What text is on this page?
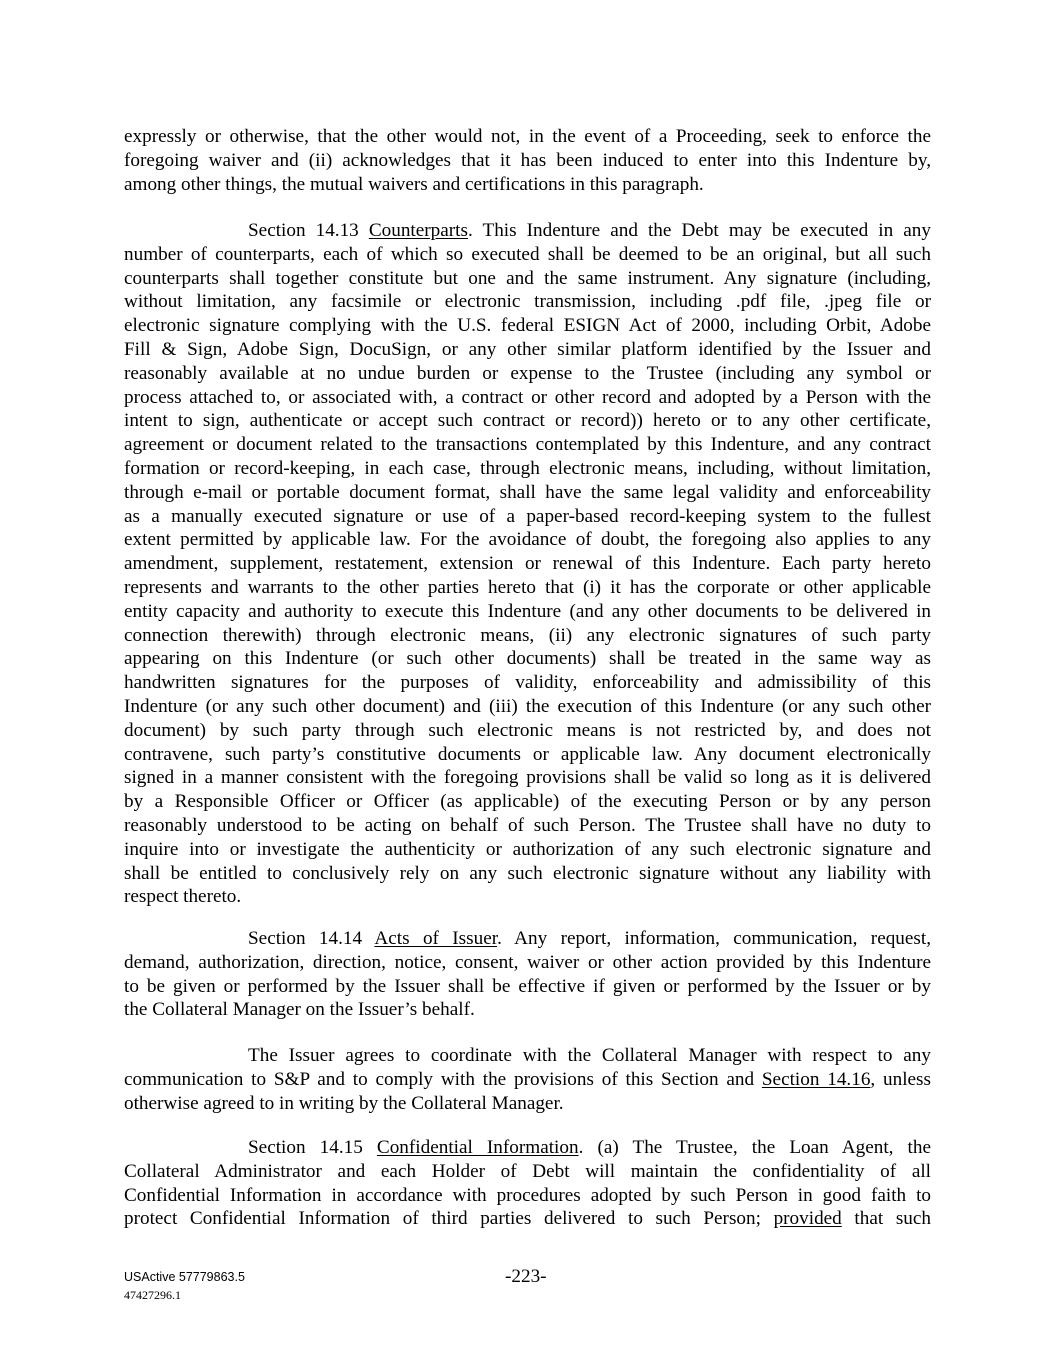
expressly or otherwise, that the other would not, in the event of a Proceeding, seek to enforce the
foregoing waiver and (ii) acknowledges that it has been induced to enter into this Indenture by,
among other things, the mutual waivers and certifications in this paragraph.
Section 14.13 Counterparts. This Indenture and the Debt may be executed in any
number of counterparts, each of which so executed shall be deemed to be an original, but all such
counterparts shall together constitute but one and the same instrument. Any signature (including,
without limitation, any facsimile or electronic transmission, including .pdf file, .jpeg file or
electronic signature complying with the U.S. federal ESIGN Act of 2000, including Orbit, Adobe
Fill & Sign, Adobe Sign, DocuSign, or any other similar platform identified by the Issuer and
reasonably available at no undue burden or expense to the Trustee (including any symbol or
process attached to, or associated with, a contract or other record and adopted by a Person with the
intent to sign, authenticate or accept such contract or record)) hereto or to any other certificate,
agreement or document related to the transactions contemplated by this Indenture, and any contract
formation or record-keeping, in each case, through electronic means, including, without limitation,
through e-mail or portable document format, shall have the same legal validity and enforceability
as a manually executed signature or use of a paper-based record-keeping system to the fullest
extent permitted by applicable law. For the avoidance of doubt, the foregoing also applies to any
amendment, supplement, restatement, extension or renewal of this Indenture. Each party hereto
represents and warrants to the other parties hereto that (i) it has the corporate or other applicable
entity capacity and authority to execute this Indenture (and any other documents to be delivered in
connection therewith) through electronic means, (ii) any electronic signatures of such party
appearing on this Indenture (or such other documents) shall be treated in the same way as
handwritten signatures for the purposes of validity, enforceability and admissibility of this
Indenture (or any such other document) and (iii) the execution of this Indenture (or any such other
document) by such party through such electronic means is not restricted by, and does not
contravene, such party’s constitutive documents or applicable law. Any document electronically
signed in a manner consistent with the foregoing provisions shall be valid so long as it is delivered
by a Responsible Officer or Officer (as applicable) of the executing Person or by any person
reasonably understood to be acting on behalf of such Person. The Trustee shall have no duty to
inquire into or investigate the authenticity or authorization of any such electronic signature and
shall be entitled to conclusively rely on any such electronic signature without any liability with
respect thereto.
Section 14.14 Acts of Issuer. Any report, information, communication, request,
demand, authorization, direction, notice, consent, waiver or other action provided by this Indenture
to be given or performed by the Issuer shall be effective if given or performed by the Issuer or by
the Collateral Manager on the Issuer’s behalf.
The Issuer agrees to coordinate with the Collateral Manager with respect to any
communication to S&P and to comply with the provisions of this Section and Section 14.16, unless
otherwise agreed to in writing by the Collateral Manager.
Section 14.15 Confidential Information. (a) The Trustee, the Loan Agent, the
Collateral Administrator and each Holder of Debt will maintain the confidentiality of all
Confidential Information in accordance with procedures adopted by such Person in good faith to
protect Confidential Information of third parties delivered to such Person; provided that such
USActive 57779863.5
47427296.1
-223-
